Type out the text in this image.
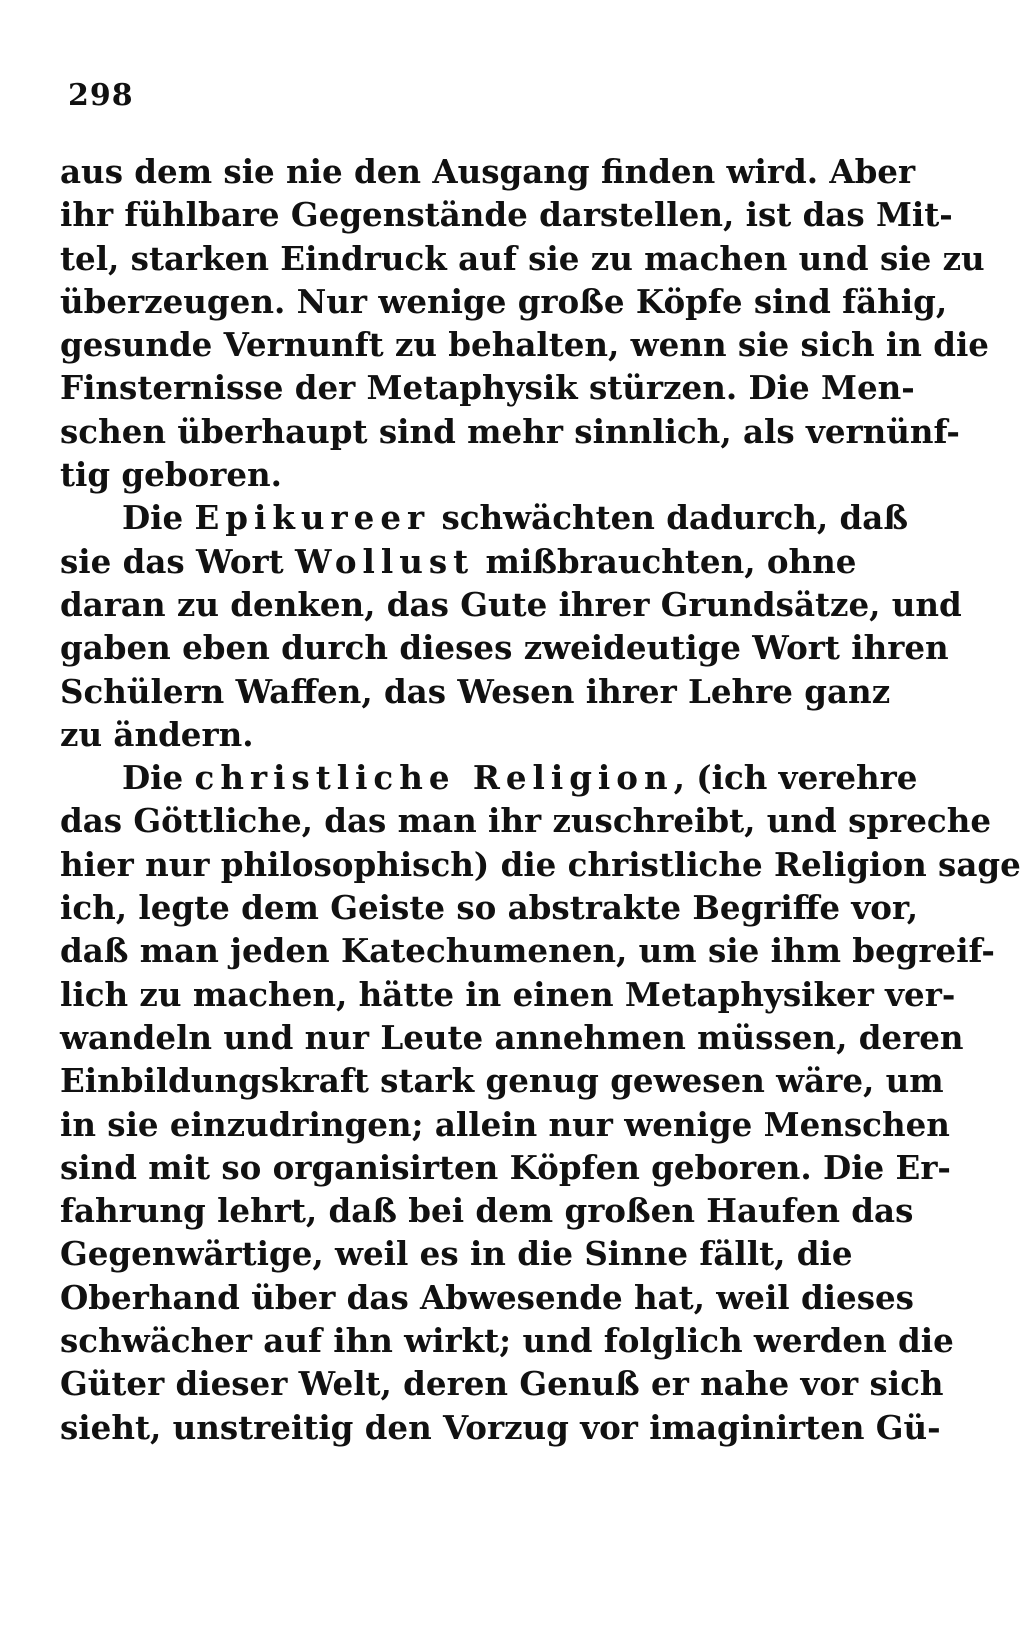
298
aus dem sie nie den Ausgang finden wird. Aber
ihr fühlbare Gegenstände darstellen, ist das Mit-
tel, starken Eindruck auf sie zu machen und sie zu
überzeugen. Nur wenige große Köpfe sind fähig,
gesunde Vernunft zu behalten, wenn sie sich in die
Finsternisse der Metaphysik stürzen. Die Men-
schen überhaupt sind mehr sinnlich, als vernünf-
tig geboren.
Die Epikureer schwächten dadurch, daß
sie das Wort Wollust mißbrauchten, ohne
daran zu denken, das Gute ihrer Grundsätze, und
gaben eben durch dieses zweideutige Wort ihren
Schülern Waffen, das Wesen ihrer Lehre ganz
zu ändern.
Die christliche Religion, (ich verehre
das Göttliche, das man ihr zuschreibt, und spreche
hier nur philosophisch) die christliche Religion sage
ich, legte dem Geiste so abstrakte Begriffe vor,
daß man jeden Katechumenen, um sie ihm begreif-
lich zu machen, hätte in einen Metaphysiker ver-
wandeln und nur Leute annehmen müssen, deren
Einbildungskraft stark genug gewesen wäre, um
in sie einzudringen; allein nur wenige Menschen
sind mit so organisirten Köpfen geboren. Die Er-
fahrung lehrt, daß bei dem großen Haufen das
Gegenwärtige, weil es in die Sinne fällt, die
Oberhand über das Abwesende hat, weil dieses
schwächer auf ihn wirkt; und folglich werden die
Güter dieser Welt, deren Genuß er nahe vor sich
sieht, unstreitig den Vorzug vor imaginirten Gü-
